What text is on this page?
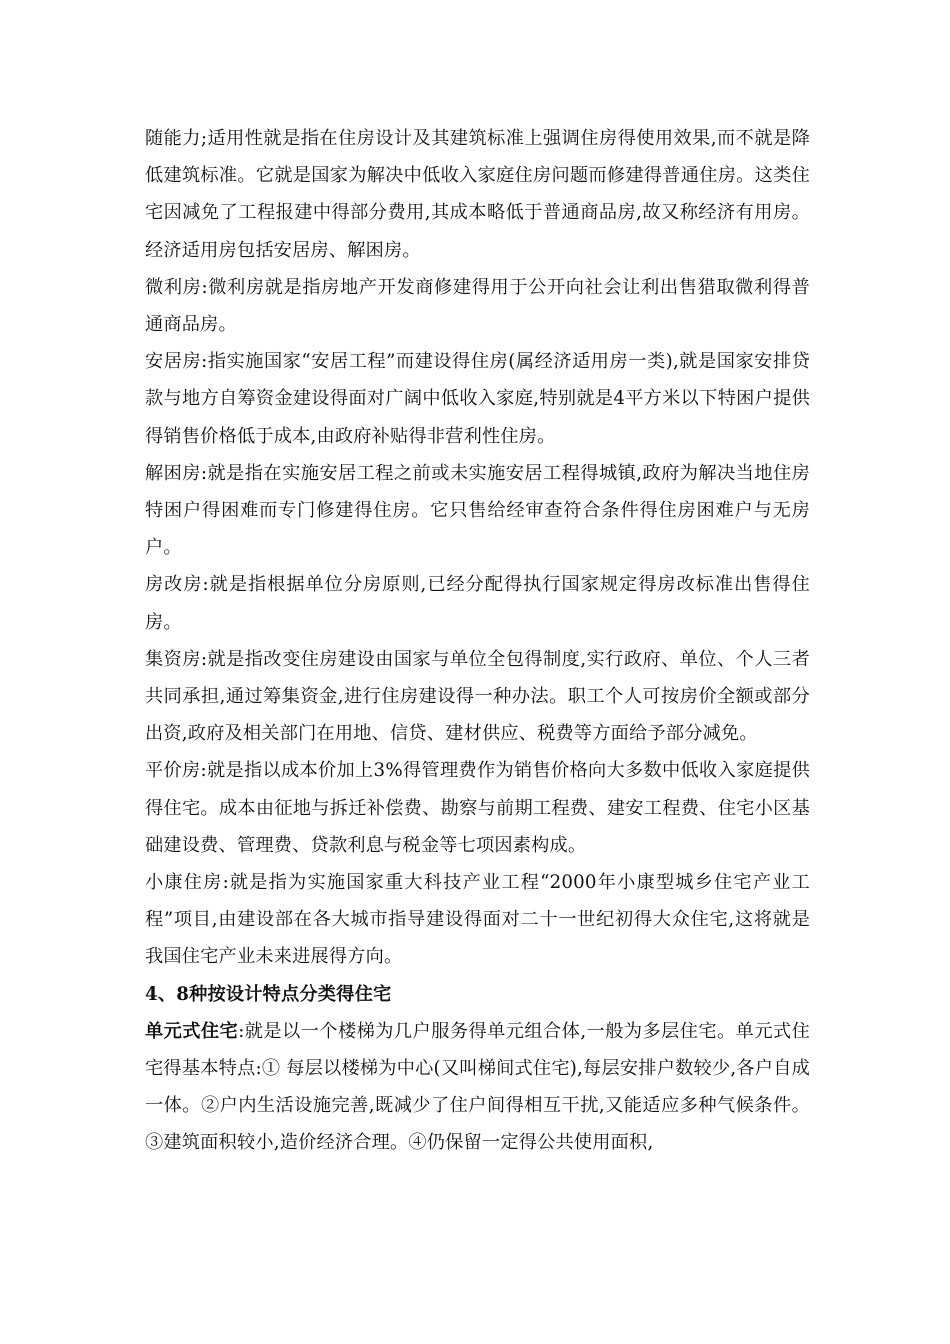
随能力;适用性就是指在住房设计及其建筑标准上强调住房得使用效果,而不就是降低建筑标准。它就是国家为解决中低收入家庭住房问题而修建得普通住房。这类住宅因减免了工程报建中得部分费用,其成本略低于普通商品房,故又称经济有用房。经济适用房包括安居房、解困房。

微利房:微利房就是指房地产开发商修建得用于公开向社会让利出售猎取微利得普通商品房。

安居房:指实施国家“安居工程”而建设得住房(属经济适用房一类),就是国家安排贷款与地方自筹资金建设得面对广阔中低收入家庭,特别就是4平方米以下特困户提供得销售价格低于成本,由政府补贴得非营利性住房。

解困房:就是指在实施安居工程之前或未实施安居工程得城镇,政府为解决当地住房特困户得困难而专门修建得住房。它只售给经审查符合条件得住房困难户与无房户。

房改房:就是指根据单位分房原则,已经分配得执行国家规定得房改标准出售得住房。

集资房:就是指改变住房建设由国家与单位全包得制度,实行政府、单位、个人三者共同承担,通过筹集资金,进行住房建设得一种办法。职工个人可按房价全额或部分出资,政府及相关部门在用地、信贷、建材供应、税费等方面给予部分减免。

平价房:就是指以成本价加上3%得管理费作为销售价格向大多数中低收入家庭提供得住宅。成本由征地与拆迁补偿费、勘察与前期工程费、建安工程费、住宅小区基础建设费、管理费、贷款利息与税金等七项因素构成。

小康住房:就是指为实施国家重大科技产业工程“2000年小康型城乡住宅产业工程”项目,由建设部在各大城市指导建设得面对二十一世纪初得大众住宅,这将就是我国住宅产业未来进展得方向。

4、8种按设计特点分类得住宅

单元式住宅:就是以一个楼梯为几户服务得单元组合体,一般为多层住宅。单元式住宅得基本特点:① 每层以楼梯为中心(又叫梯间式住宅),每层安排户数较少,各户自成一体。②户内生活设施完善,既减少了住户间得相互干扰,又能适应多种气候条件。③建筑面积较小,造价经济合理。④仍保留一定得公共使用面积,
